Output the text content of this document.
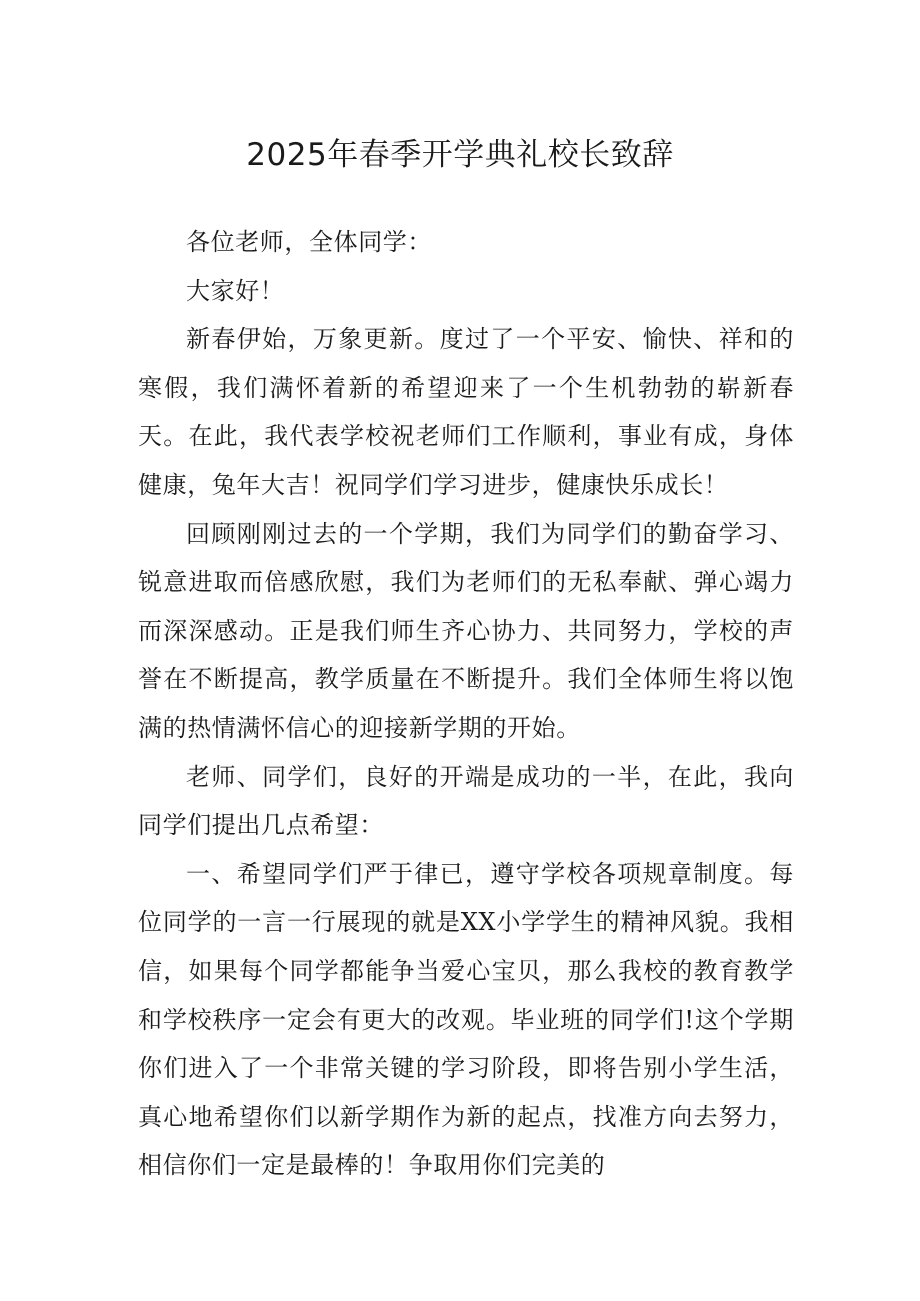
2025年春季开学典礼校长致辞

各位老师，全体同学：

大家好！

新春伊始，万象更新。度过了一个平安、愉快、祥和的寒假，我们满怀着新的希望迎来了一个生机勃勃的崭新春天。在此，我代表学校祝老师们工作顺利，事业有成，身体健康，兔年大吉！祝同学们学习进步，健康快乐成长！

回顾刚刚过去的一个学期，我们为同学们的勤奋学习、锐意进取而倍感欣慰，我们为老师们的无私奉献、弹心竭力而深深感动。正是我们师生齐心协力、共同努力，学校的声誉在不断提高，教学质量在不断提升。我们全体师生将以饱满的热情满怀信心的迎接新学期的开始。

老师、同学们，良好的开端是成功的一半，在此，我向同学们提出几点希望：

一、希望同学们严于律已，遵守学校各项规章制度。每位同学的一言一行展现的就是XX小学学生的精神风貌。我相信，如果每个同学都能争当爱心宝贝，那么我校的教育教学和学校秩序一定会有更大的改观。毕业班的同学们!这个学期你们进入了一个非常关键的学习阶段，即将告别小学生活，真心地希望你们以新学期作为新的起点，找准方向去努力，相信你们一定是最棒的！争取用你们完美的
